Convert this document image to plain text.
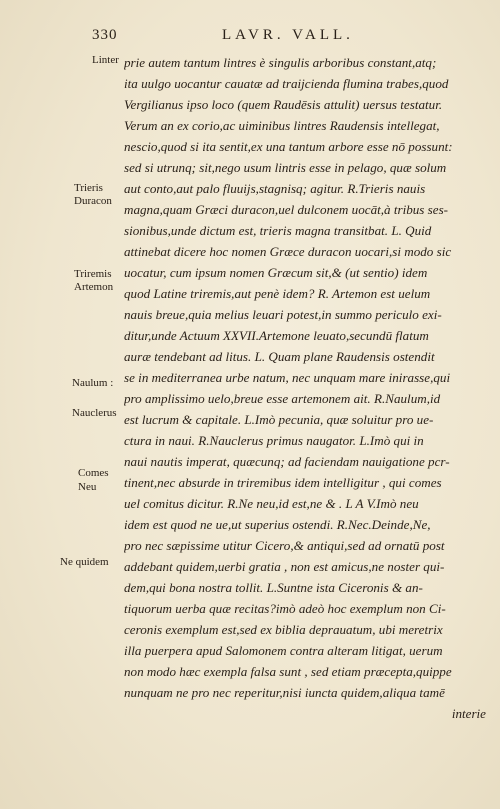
330	LAVR. VALL.
Linter
Trieris
Duracon
Triremis
Artemon
Naulum :
Nauclerus
Comes
Neu
Ne quidem
prie autem tantum lintres è singulis arboribus constant,atq;
ita uulgo uocantur cauatæ ad traijcienda flumina trabes,quod
Vergilianus ipso loco (quem Raudēsis attulit) uersus testatur.
Verum an ex corio,ac uiminibus lintres Raudensis intellegat,
nescio,quod si ita sentit,ex una tantum arbore esse nō possunt:
sed si utrunq; sit,nego usum lintris esse in pelago, quæ solum
aut conto,aut palo fluuijs,stagnisq; agitur. R.Trieris nauis
magna,quam Græci duracon,uel dulconem uocāt,à tribus ses-
sionibus,unde dictum est, trieris magna transitbat. L. Quid
attinebat dicere hoc nomen Græce duracon uocari,si modo sic
uocatur, cum ipsum nomen Græcum sit,& (ut sentio) idem
quod Latine triremis,aut penè idem? R. Artemon est uelum
nauis breue,quia melius leuari potest,in summo periculo exi-
ditur,unde Actuum XXVII.Artemone leuato,secundū flatum
auræ tendebant ad litus. L. Quam plane Raudensis ostendit
se in mediterranea urbe natum, nec unquam mare inirasse,qui
pro amplissimo uelo,breue esse artemonem ait. R.Naulum,id
est lucrum & capitale. L.Imò pecunia, quæ soluitur pro ue-
ctura in naui. R.Nauclerus primus naugator. L.Imò qui in
naui nautis imperat, quæcunq; ad faciendam nauigatione pcr-
tinent,nec absurde in triremibus idem intelligitur , qui comes
uel comitus dicitur. R.Ne neu,id est,ne & . L A V.Imò neu
idem est quod ne ue,ut superius ostendi. R.Nec.Deinde,Ne,
pro nec sæpissime utitur Cicero,& antiqui,sed ad ornatū post
addebant quidem,uerbi gratia , non est amicus,ne noster qui-
dem,qui bona nostra tollit. L.Suntne ista Ciceronis & an-
tiquorum uerba quæ recitas?imò adeò hoc exemplum non Ci-
ceronis exemplum est,sed ex biblia deprauatum, ubi meretrix
illa puerpera apud Salomonem contra alteram litigat, uerum
non modo hæc exempla falsa sunt , sed etiam præcepta,quippe
nunquam ne pro nec reperitur,nisi iuncta quidem,aliqua tamē
interie
